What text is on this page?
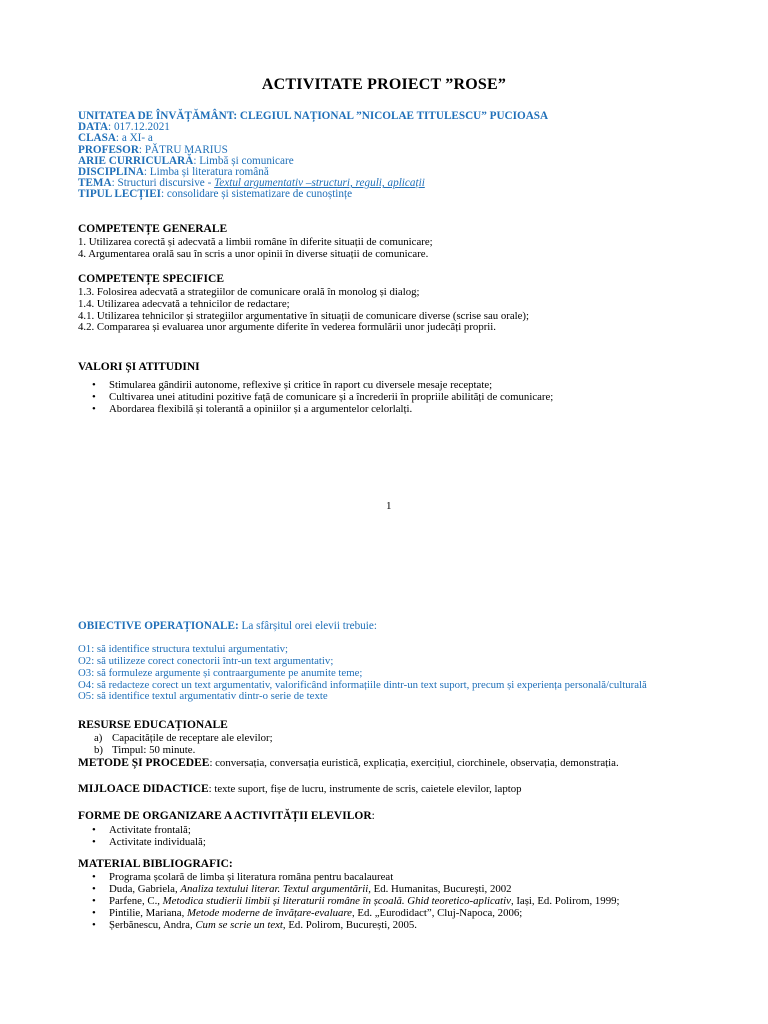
ACTIVITATE PROIECT ”ROSE”
UNITATEA DE ÎNVĂȚĂMÂNT: CLEGIUL NAȚIONAL ”NICOLAE TITULESCU” PUCIOASA
DATA: 017.12.2021
CLASA: a XI- a
PROFESOR: PĂTRU MARIUS
ARIE CURRICULARĂ: Limbă și comunicare
DISCIPLINA: Limba și literatura română
TEMA: Structuri discursive - Textul argumentativ –structuri, reguli, aplicații
TIPUL LECȚIEI: consolidare și sistematizare de cunoștințe
COMPETENȚE GENERALE
1. Utilizarea corectă și adecvată a limbii române în diferite situații de comunicare;
4. Argumentarea orală sau în scris a unor opinii în diverse situații de comunicare.
COMPETENȚE SPECIFICE
1.3. Folosirea adecvată a strategiilor de comunicare orală în monolog și dialog;
1.4. Utilizarea adecvată a tehnicilor de redactare;
4.1. Utilizarea tehnicilor și strategiilor argumentative în situații de comunicare diverse (scrise sau orale);
4.2. Compararea și evaluarea unor argumente diferite în vederea formulării unor judecăți proprii.
VALORI ȘI ATITUDINI
• Stimularea gândirii autonome, reflexive și critice în raport cu diversele mesaje receptate;
• Cultivarea unei atitudini pozitive față de comunicare și a încrederii în propriile abilități de comunicare;
• Abordarea flexibilă și tolerantă a opiniilor și a argumentelor celorlalți.
1
OBIECTIVE OPERAȚIONALE: La sfârșitul orei elevii trebuie:
O1: să identifice structura textului argumentativ;
O2: să utilizeze corect conectorii într-un text argumentativ;
O3: să formuleze argumente și contraargumente pe anumite teme;
O4: să redacteze corect un text argumentativ, valorificând informațiile dintr-un text suport, precum și experiența personală/culturală
O5: să identifice textul argumentativ dintr-o serie de texte
RESURSE EDUCAȚIONALE
a) Capacitățile de receptare ale elevilor;
b) Timpul: 50 minute.
METODE ȘI PROCEDEE: conversația, conversația euristică, explicația, exercițiul, ciorchinele, observația, demonstrația.
MIJLOACE DIDACTICE: texte suport, fișe de lucru, instrumente de scris, caietele elevilor, laptop
FORME DE ORGANIZARE A ACTIVITĂȚII ELEVILOR:
• Activitate frontală;
• Activitate individuală;
MATERIAL BIBLIOGRAFIC:
• Programa școlară de limba și literatura româna pentru bacalaureat
• Duda, Gabriela, Analiza textului literar. Textul argumentării, Ed. Humanitas, București, 2002
• Parfene, C., Metodica studierii limbii și literaturii române în școală. Ghid teoretico-aplicativ, Iași, Ed. Polirom, 1999;
• Pintilie, Mariana, Metode moderne de învățare-evaluare, Ed. „Eurodidact”, Cluj-Napoca, 2006;
• Șerbănescu, Andra, Cum se scrie un text, Ed. Polirom, București, 2005.
